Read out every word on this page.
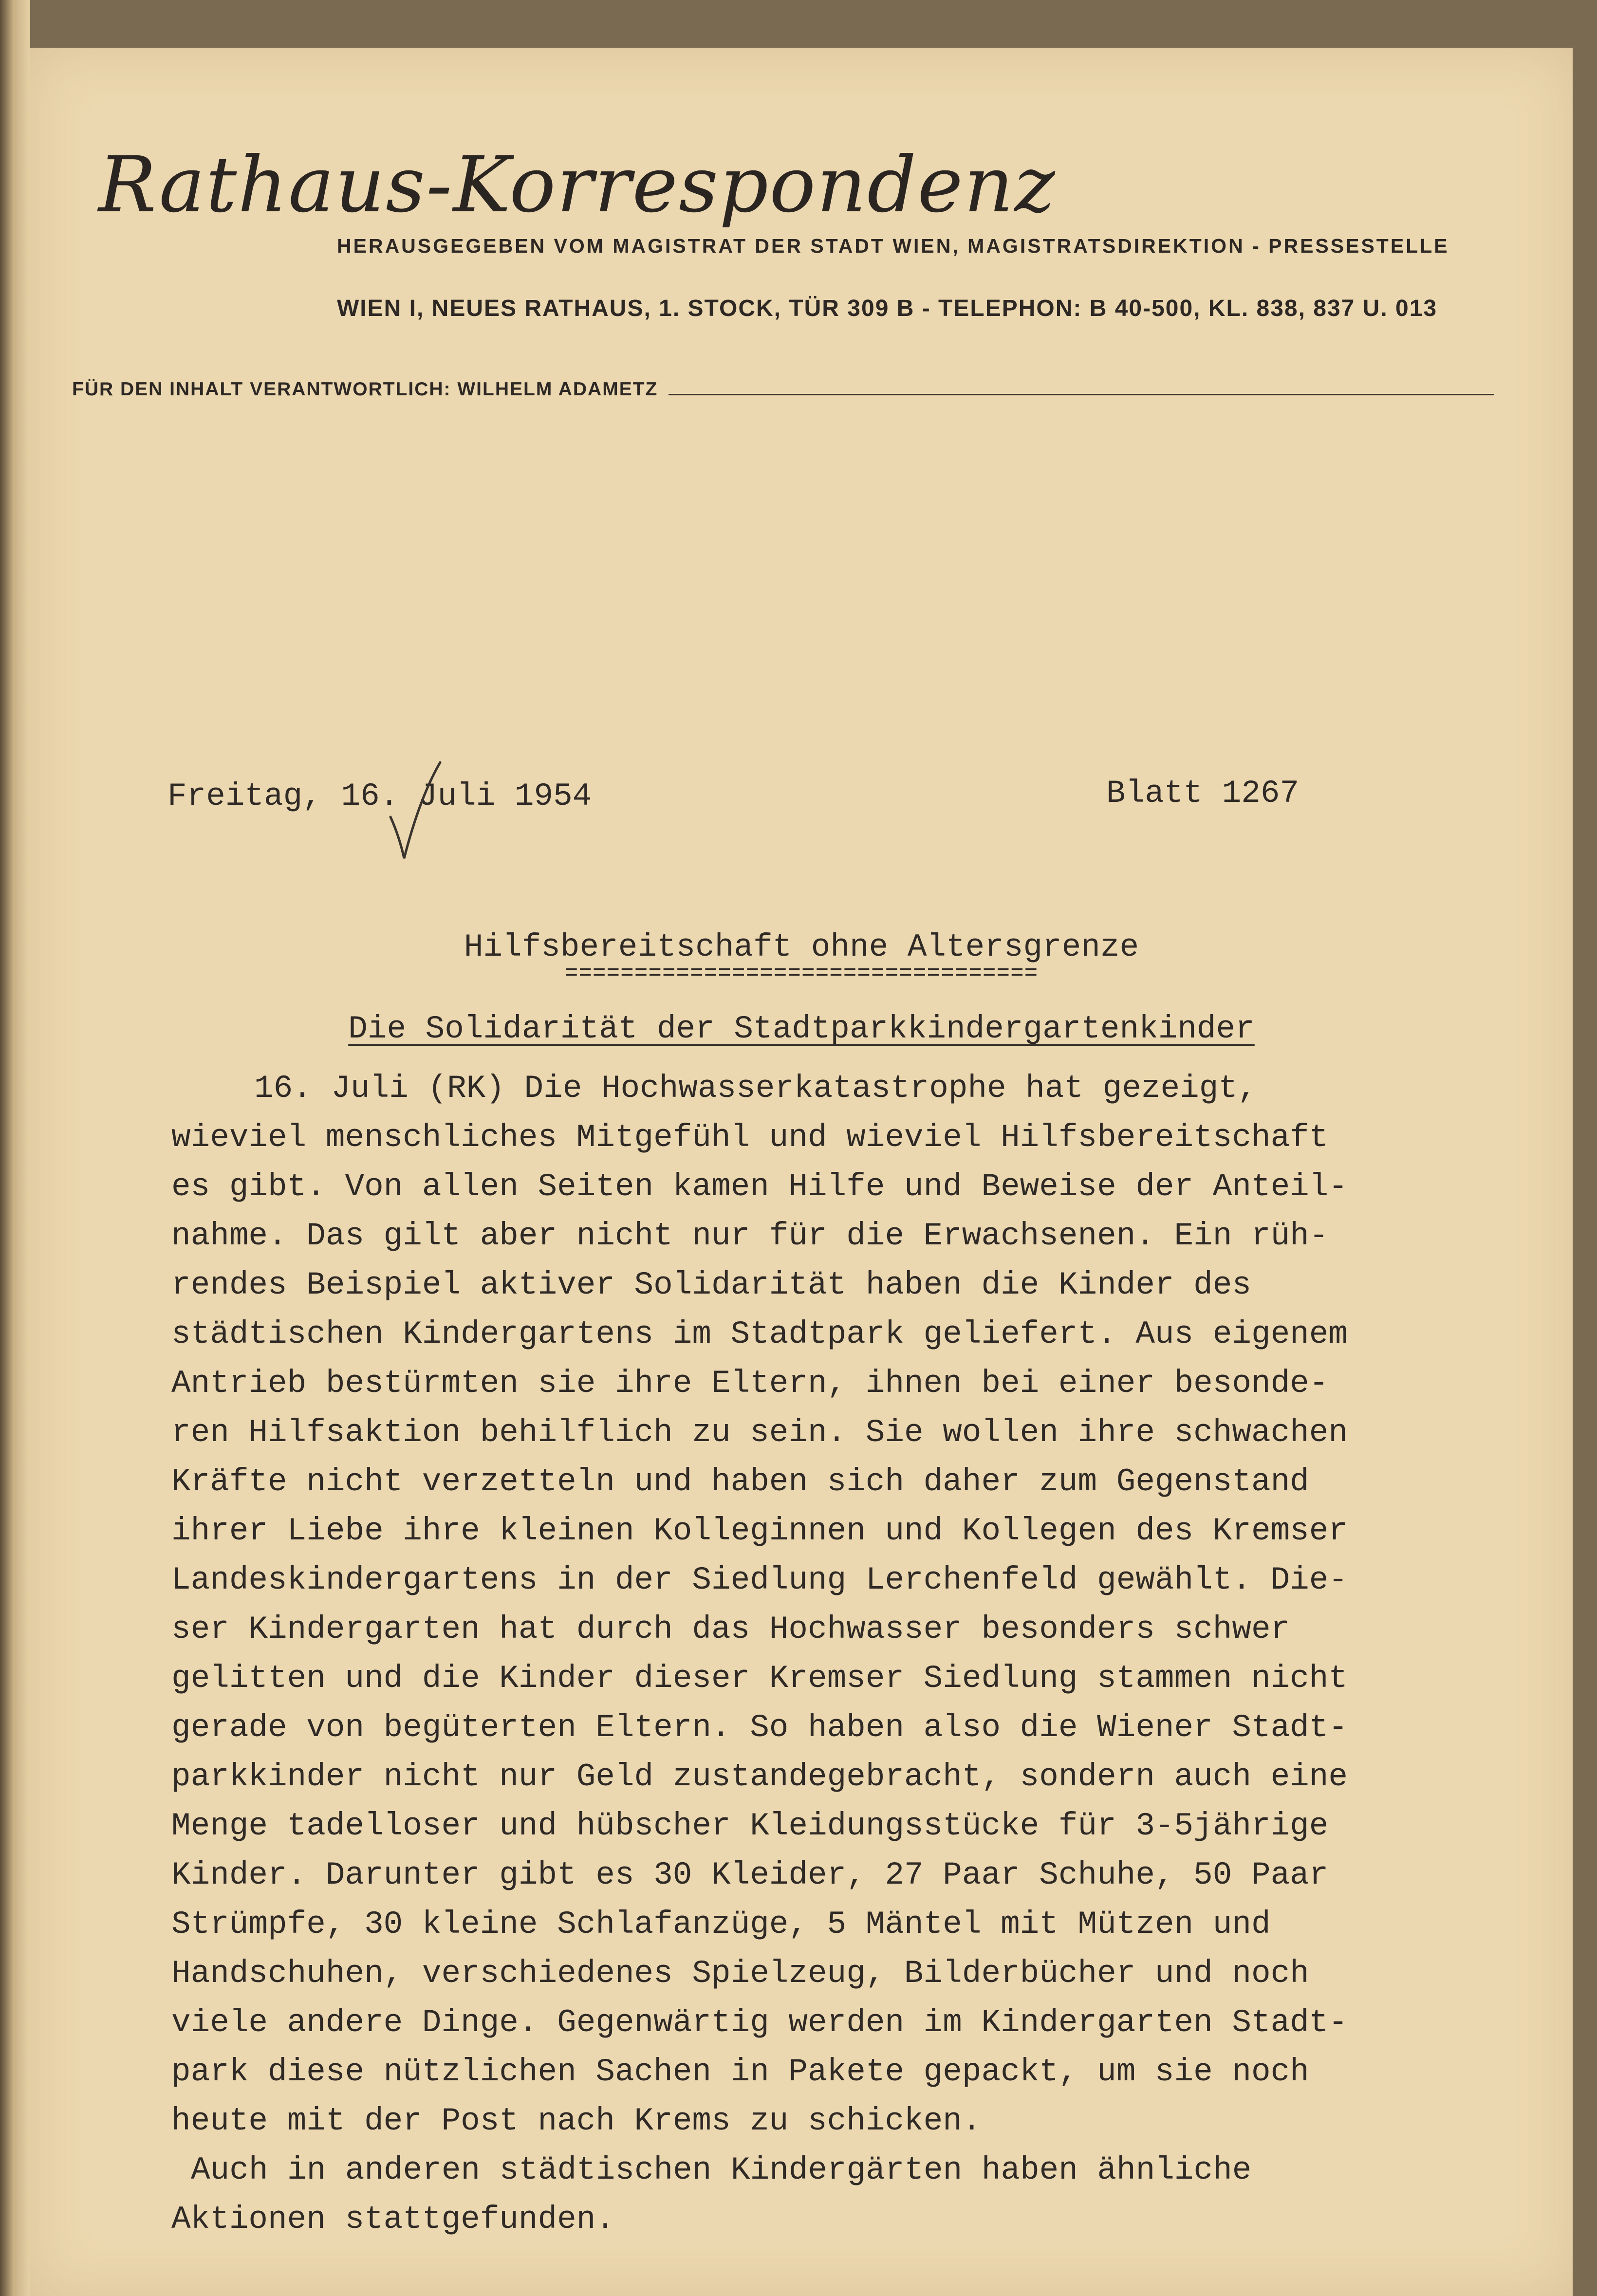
Rathaus-Korrespondenz
HERAUSGEGEBEN VOM MAGISTRAT DER STADT WIEN, MAGISTRATSDIREKTION - PRESSESTELLE
WIEN I, NEUES RATHAUS, 1. STOCK, TÜR 309 B - TELEPHON: B 40-500, KL. 838, 837 U. 013
FÜR DEN INHALT VERANTWORTLICH: WILHELM ADAMETZ
Freitag, 16. Juli 1954	Blatt 1267
Hilfsbereitschaft ohne Altersgrenze
==================================
Die Solidarität der Stadtparkkindergartenkinder
16. Juli (RK) Die Hochwasserkatastrophe hat gezeigt,
wieviel menschliches Mitgefühl und wieviel Hilfsbereitschaft
es gibt. Von allen Seiten kamen Hilfe und Beweise der Anteil-
nahme. Das gilt aber nicht nur für die Erwachsenen. Ein rüh-
rendes Beispiel aktiver Solidarität haben die Kinder des
städtischen Kindergartens im Stadtpark geliefert. Aus eigenem
Antrieb bestürmten sie ihre Eltern, ihnen bei einer besonde-
ren Hilfsaktion behilflich zu sein. Sie wollen ihre schwachen
Kräfte nicht verzetteln und haben sich daher zum Gegenstand
ihrer Liebe ihre kleinen Kolleginnen und Kollegen des Kremser
Landeskindergartens in der Siedlung Lerchenfeld gewählt. Die-
ser Kindergarten hat durch das Hochwasser besonders schwer
gelitten und die Kinder dieser Kremser Siedlung stammen nicht
gerade von begüterten Eltern. So haben also die Wiener Stadt-
parkkinder nicht nur Geld zustandegebracht, sondern auch eine
Menge tadelloser und hübscher Kleidungsstücke für 3-5jährige
Kinder. Darunter gibt es 30 Kleider, 27 Paar Schuhe, 50 Paar
Strümpfe, 30 kleine Schlafanzüge, 5 Mäntel mit Mützen und
Handschuhen, verschiedenes Spielzeug, Bilderbücher und noch
viele andere Dinge. Gegenwärtig werden im Kindergarten Stadt-
park diese nützlichen Sachen in Pakete gepackt, um sie noch
heute mit der Post nach Krems zu schicken.
Auch in anderen städtischen Kindergärten haben ähnliche
Aktionen stattgefunden.
